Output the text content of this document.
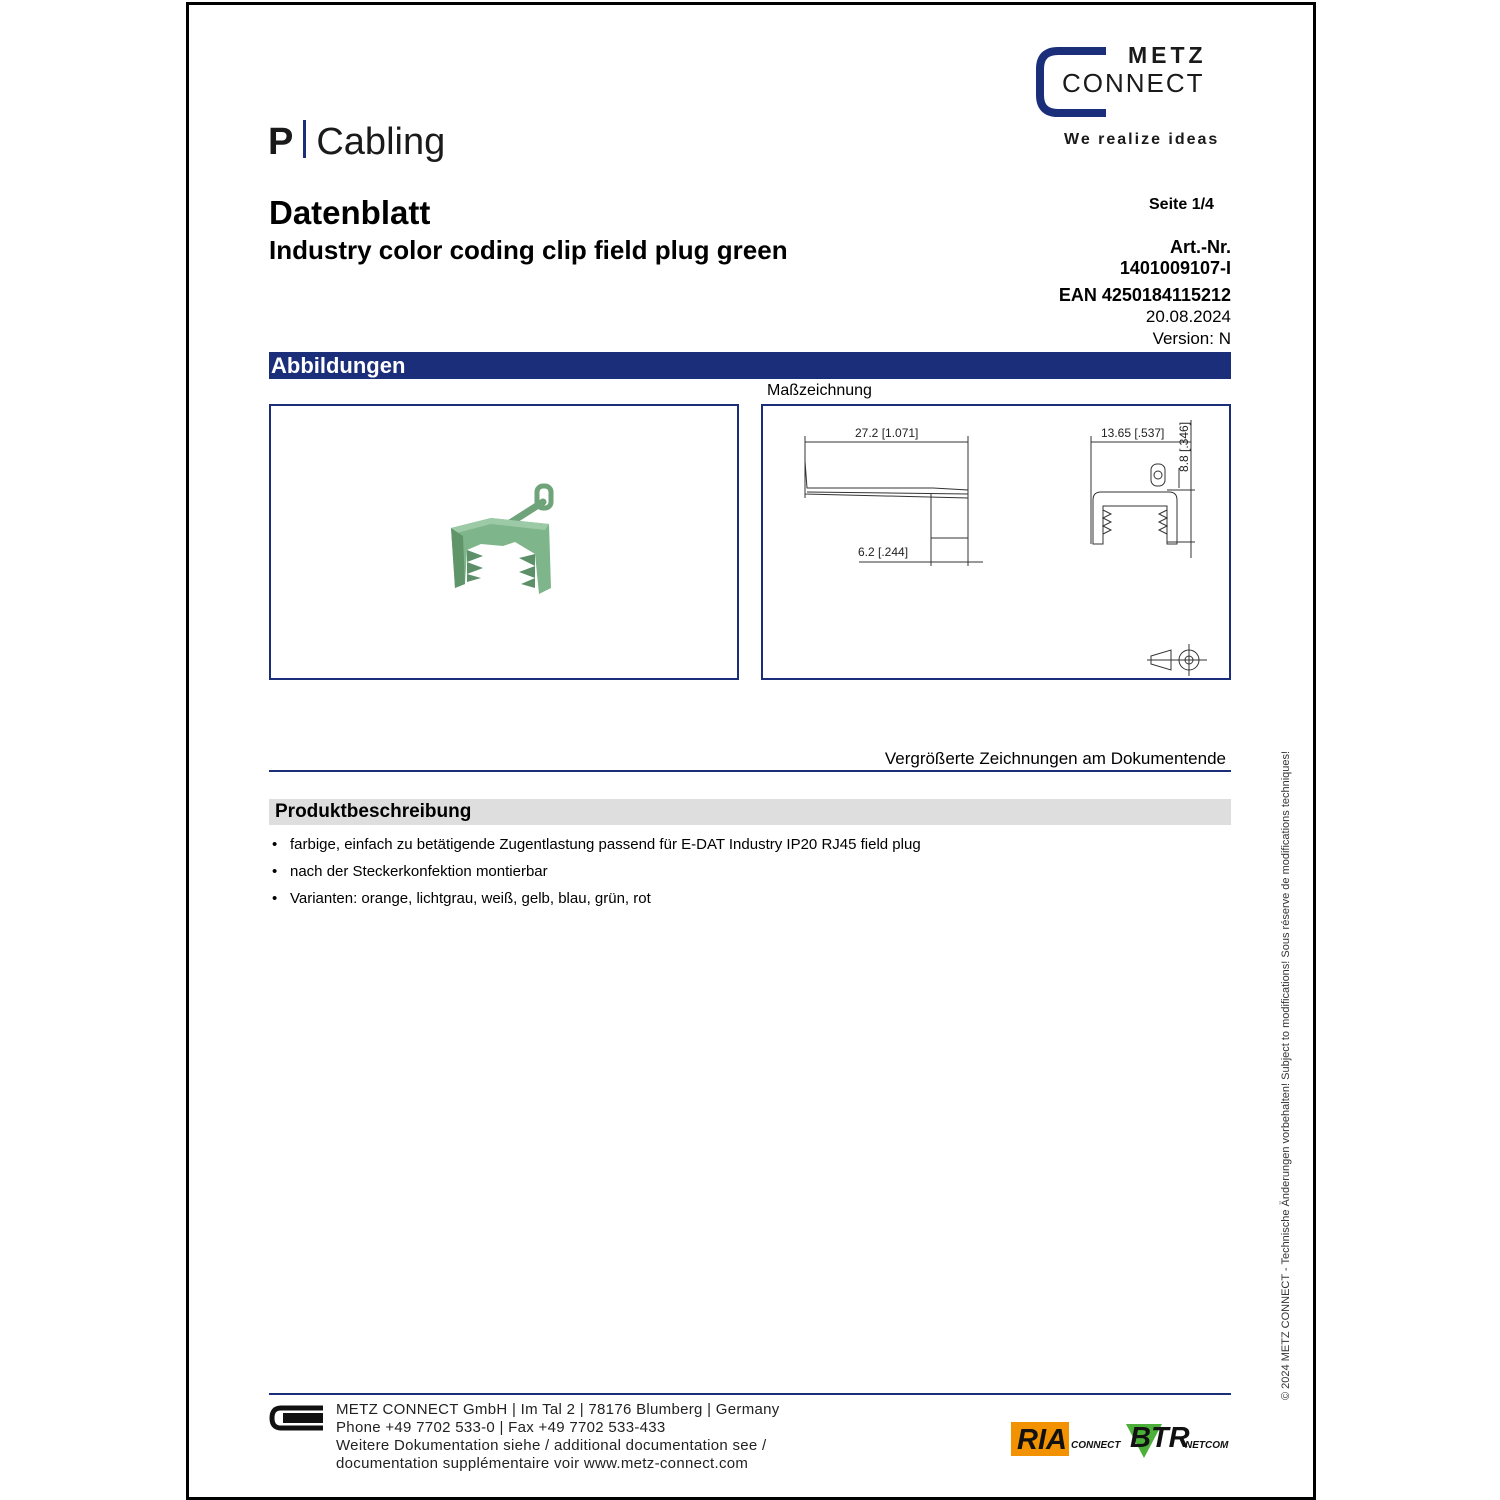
METZ
CONNECT
We realize ideas
P Cabling
Datenblatt
Industry color coding clip field plug green
Seite 1/4
Art.-Nr.
1401009107-I
EAN 4250184115212
20.08.2024
Version: N
Abbildungen
Maßzeichnung
27.2 [1.071]
6.2 [.244]
13.65 [.537] 8.8 [.346]
Vergrößerte Zeichnungen am Dokumentende
Produktbeschreibung
• farbige, einfach zu betätigende Zugentlastung passend für E-DAT Industry IP20 RJ45 field plug
• nach der Steckerkonfektion montierbar
• Varianten: orange, lichtgrau, weiß, gelb, blau, grün, rot	© 2024 METZ CONNECT - Technische Änderungen vorbehalten! Subject to modifications! Sous réserve de modifications techniques!
METZ CONNECT GmbH | Im Tal 2 | 78176 Blumberg | Germany
Phone +49 7702 533-0 | Fax +49 7702 533-433
Weitere Dokumentation siehe / additional documentation see /
documentation supplémentaire voir www.metz-connect.com
RIA CONNECT BTR
NETCOM
